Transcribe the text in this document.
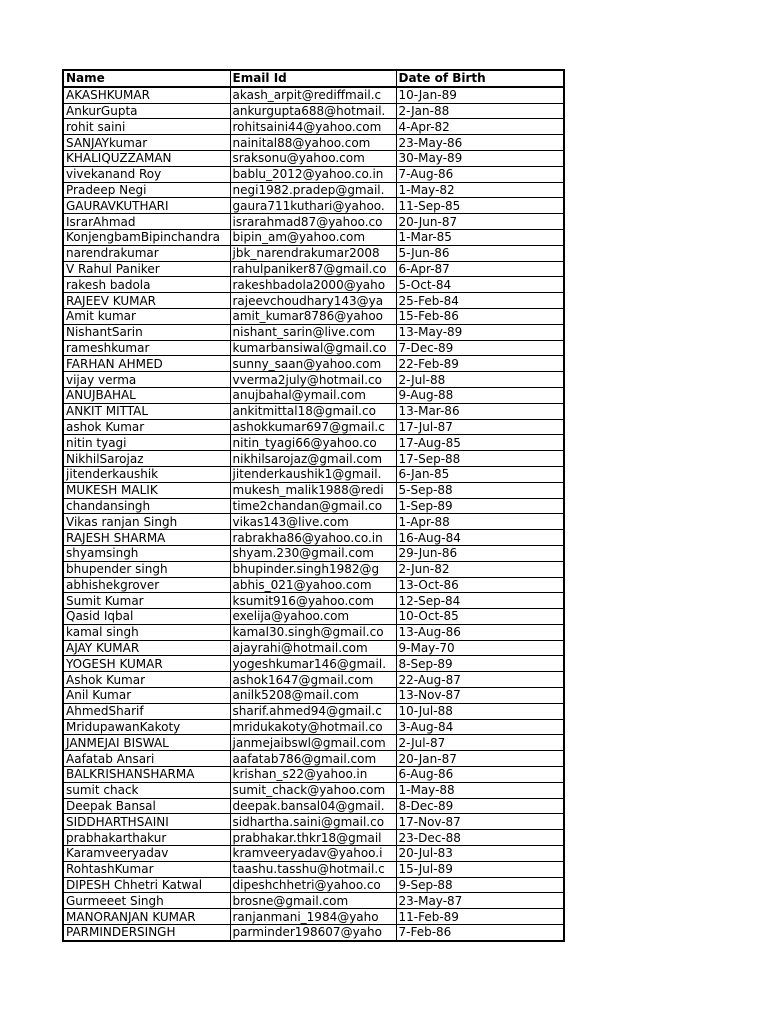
Name	Email Id	Date of Birth
AKASHKUMAR	akash_arpit@rediffmail.c	10-Jan-89
AnkurGupta	ankurgupta688@hotmail.	2-Jan-88
rohit saini	rohitsaini44@yahoo.com	4-Apr-82
SANJAYkumar	nainital88@yahoo.com	23-May-86
KHALIQUZZAMAN	sraksonu@yahoo.com	30-May-89
vivekanand Roy	bablu_2012@yahoo.co.in	7-Aug-86
Pradeep Negi	negi1982.pradep@gmail.	1-May-82
GAURAVKUTHARI	gaura711kuthari@yahoo.	11-Sep-85
IsrarAhmad	israrahmad87@yahoo.co	20-Jun-87
KonjengbamBipinchandra	bipin_am@yahoo.com	1-Mar-85
narendrakumar	jbk_narendrakumar2008	5-Jun-86
V Rahul Paniker	rahulpaniker87@gmail.co	6-Apr-87
rakesh badola	rakeshbadola2000@yaho	5-Oct-84
RAJEEV KUMAR	rajeevchoudhary143@ya	25-Feb-84
Amit kumar	amit_kumar8786@yahoo	15-Feb-86
NishantSarin	nishant_sarin@live.com	13-May-89
rameshkumar	kumarbansiwal@gmail.co	7-Dec-89
FARHAN AHMED	sunny_saan@yahoo.com	22-Feb-89
vijay verma	vverma2july@hotmail.co	2-Jul-88
ANUJBAHAL	anujbahal@ymail.com	9-Aug-88
ANKIT MITTAL	ankitmittal18@gmail.co	13-Mar-86
ashok Kumar	ashokkumar697@gmail.c	17-Jul-87
nitin tyagi	nitin_tyagi66@yahoo.co	17-Aug-85
NikhilSarojaz	nikhilsarojaz@gmail.com	17-Sep-88
jitenderkaushik	jitenderkaushik1@gmail.	6-Jan-85
MUKESH MALIK	mukesh_malik1988@redi	5-Sep-88
chandansingh	time2chandan@gmail.co	1-Sep-89
Vikas ranjan Singh	vikas143@live.com	1-Apr-88
RAJESH SHARMA	rabrakha86@yahoo.co.in	16-Aug-84
shyamsingh	shyam.230@gmail.com	29-Jun-86
bhupender singh	bhupinder.singh1982@g	2-Jun-82
abhishekgrover	abhis_021@yahoo.com	13-Oct-86
Sumit Kumar	ksumit916@yahoo.com	12-Sep-84
Qasid Iqbal	exelija@yahoo.com	10-Oct-85
kamal singh	kamal30.singh@gmail.co	13-Aug-86
AJAY KUMAR	ajayrahi@hotmail.com	9-May-70
YOGESH KUMAR	yogeshkumar146@gmail.	8-Sep-89
Ashok Kumar	ashok1647@gmail.com	22-Aug-87
Anil Kumar	anilk5208@mail.com	13-Nov-87
AhmedSharif	sharif.ahmed94@gmail.c	10-Jul-88
MridupawanKakoty	mridukakoty@hotmail.co	3-Aug-84
JANMEJAI BISWAL	janmejaibswl@gmail.com	2-Jul-87
Aafatab Ansari	aafatab786@gmail.com	20-Jan-87
BALKRISHANSHARMA	krishan_s22@yahoo.in	6-Aug-86
sumit chack	sumit_chack@yahoo.com	1-May-88
Deepak Bansal	deepak.bansal04@gmail.	8-Dec-89
SIDDHARTHSAINI	sidhartha.saini@gmail.co	17-Nov-87
prabhakarthakur	prabhakar.thkr18@gmail	23-Dec-88
Karamveeryadav	kramveeryadav@yahoo.i	20-Jul-83
RohtashKumar	taashu.tasshu@hotmail.c	15-Jul-89
DIPESH Chhetri Katwal	dipeshchhetri@yahoo.co	9-Sep-88
Gurmeeet Singh	brosne@gmail.com	23-May-87
MANORANJAN KUMAR	ranjanmani_1984@yaho	11-Feb-89
PARMINDERSINGH	parminder198607@yaho	7-Feb-86
